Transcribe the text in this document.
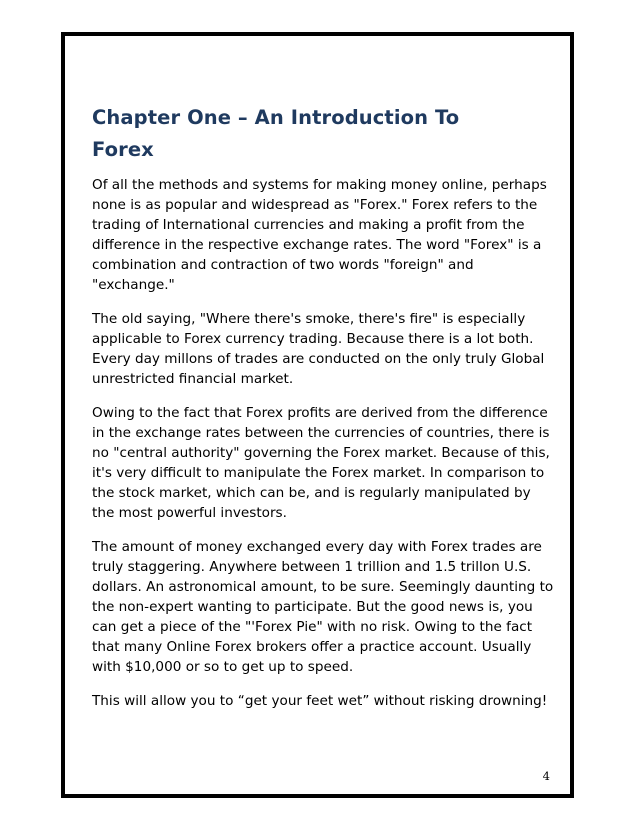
Chapter One – An Introduction To
Forex

Of all the methods and systems for making money online, perhaps none is as popular and widespread as "Forex." Forex refers to the trading of International currencies and making a profit from the difference in the respective exchange rates. The word "Forex" is a combination and contraction of two words "foreign" and "exchange."

The old saying, "Where there's smoke, there's fire" is especially applicable to Forex currency trading. Because there is a lot both. Every day millons of trades are conducted on the only truly Global unrestricted financial market.

Owing to the fact that Forex profits are derived from the difference in the exchange rates between the currencies of countries, there is no "central authority" governing the Forex market. Because of this, it's very difficult to manipulate the Forex market. In comparison to the stock market, which can be, and is regularly manipulated by the most powerful investors.

The amount of money exchanged every day with Forex trades are truly staggering. Anywhere between 1 trillion and 1.5 trillon U.S. dollars. An astronomical amount, to be sure. Seemingly daunting to the non-expert wanting to participate. But the good news is, you can get a piece of the "'Forex Pie" with no risk. Owing to the fact that many Online Forex brokers offer a practice account. Usually with $10,000 or so to get up to speed.

This will allow you to “get your feet wet” without risking drowning!

4
